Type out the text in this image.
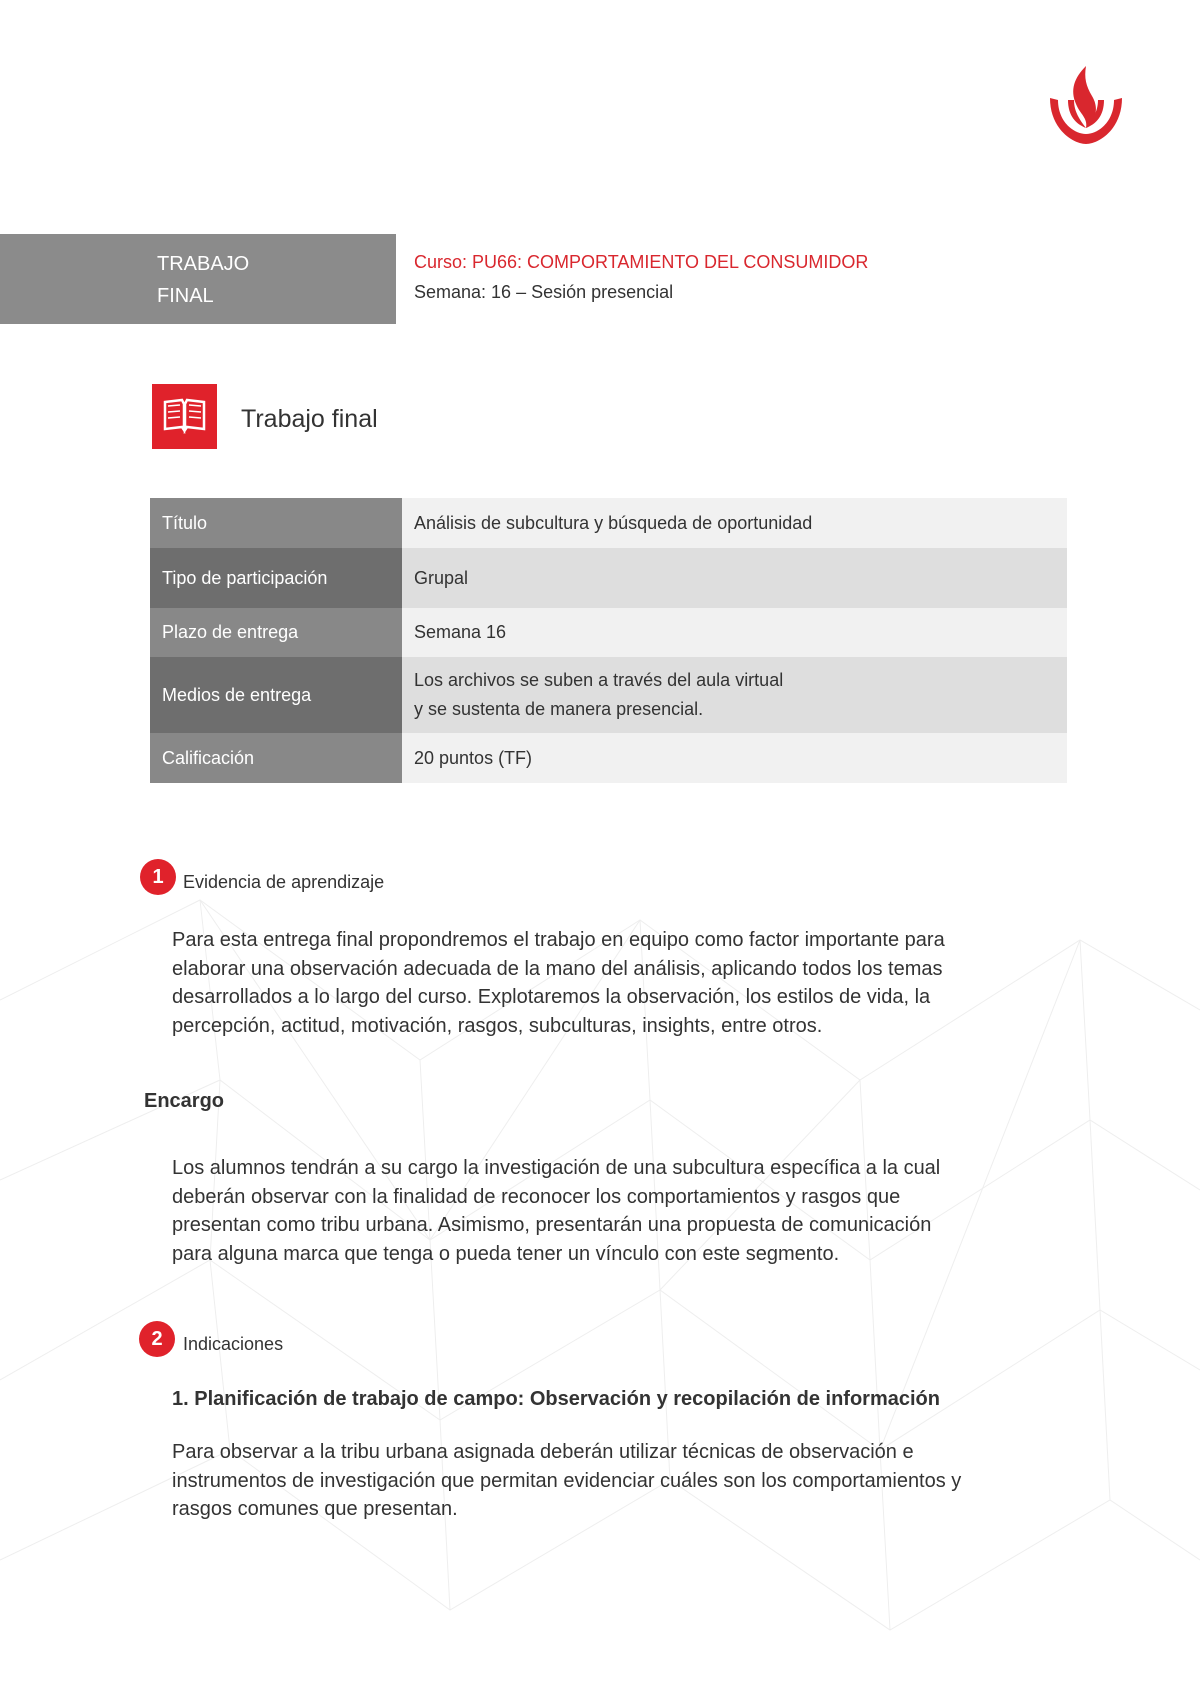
TRABAJO
FINAL
Curso: PU66: COMPORTAMIENTO DEL CONSUMIDOR
Semana: 16 – Sesión presencial
Trabajo final
Título	Análisis de subcultura y búsqueda de oportunidad

Tipo de participación	Grupal

Plazo de entrega	Semana 16

Medios de entrega	Los archivos se suben a través del aula virtual
y se sustenta de manera presencial.

Calificación	20 puntos (TF)
1	Evidencia de aprendizaje
Para esta entrega final propondremos el trabajo en equipo como factor importante para
elaborar una observación adecuada de la mano del análisis, aplicando todos los temas
desarrollados a lo largo del curso. Explotaremos la observación, los estilos de vida, la
percepción, actitud, motivación, rasgos, subculturas, insights, entre otros.
Encargo
Los alumnos tendrán a su cargo la investigación de una subcultura específica a la cual
deberán observar con la finalidad de reconocer los comportamientos y rasgos que
presentan como tribu urbana. Asimismo, presentarán una propuesta de comunicación
para alguna marca que tenga o pueda tener un vínculo con este segmento.
2	Indicaciones
1. Planificación de trabajo de campo: Observación y recopilación de información
Para observar a la tribu urbana asignada deberán utilizar técnicas de observación e
instrumentos de investigación que permitan evidenciar cuáles son los comportamientos y
rasgos comunes que presentan.
